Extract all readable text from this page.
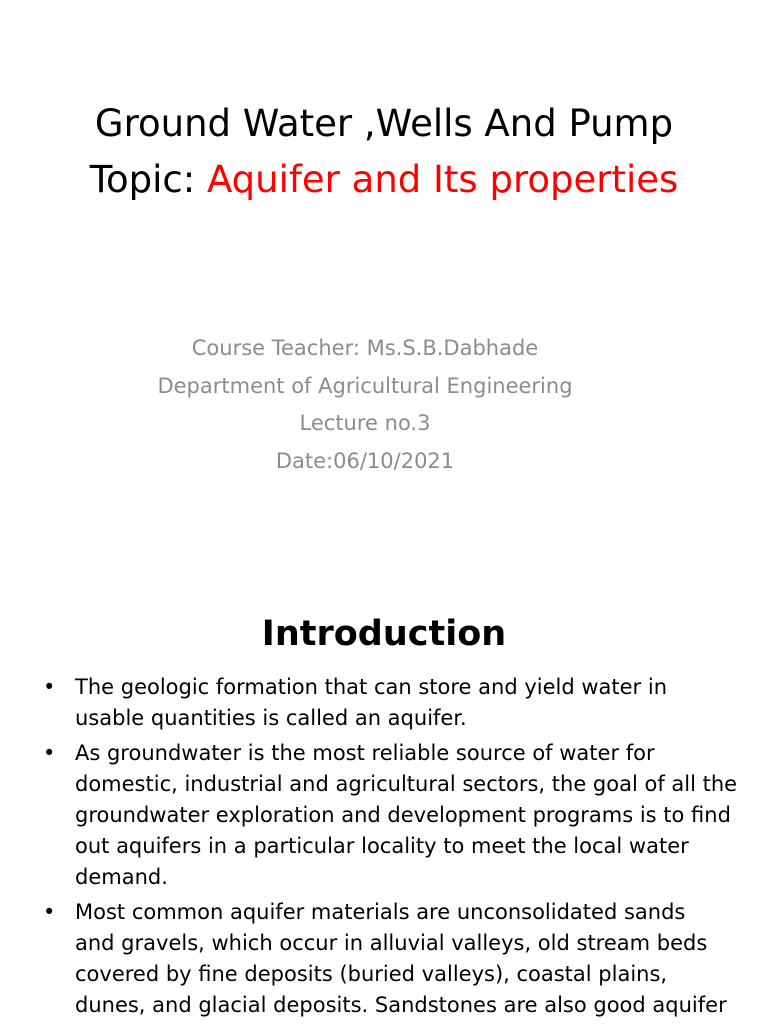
Ground Water ,Wells And Pump
Topic: Aquifer and Its properties
Course Teacher: Ms.S.B.Dabhade
Department of Agricultural Engineering
Lecture no.3
Date:06/10/2021
Introduction
• The geologic formation that can store and yield water in
usable quantities is called an aquifer.
• As groundwater is the most reliable source of water for
domestic, industrial and agricultural sectors, the goal of all the
groundwater exploration and development programs is to find
out aquifers in a particular locality to meet the local water
demand.
• Most common aquifer materials are unconsolidated sands
and gravels, which occur in alluvial valleys, old stream beds
covered by fine deposits (buried valleys), coastal plains,
dunes, and glacial deposits. Sandstones are also good aquifer
